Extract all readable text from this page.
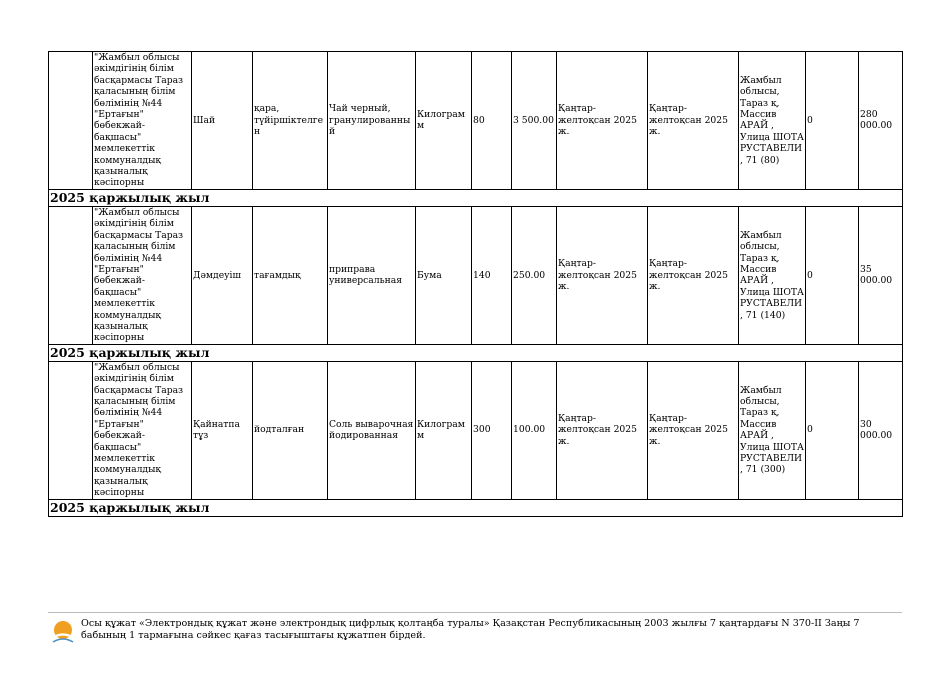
	"Жамбыл облысы әкімдігінің білім басқармасы Тараз қаласының білім бөлімінің №44 "Ертағын" бөбекжай-бақшасы" мемлекеттік коммуналдық қазыналық кәсіпорны	Шай	қара, түйіршіктелген	Чай черный, гранулированный	Килограмм	80	3 500.00	Қаңтар-желтоқсан 2025 ж.	Қаңтар-желтоқсан 2025 ж.	Жамбыл облысы, Тараз қ, Массив АРАЙ , Улица ШОТА РУСТАВЕЛИ, 71 (80)	0	280 000.00
2025 қаржылық жыл												
	"Жамбыл облысы әкімдігінің білім басқармасы Тараз қаласының білім бөлімінің №44 "Ертағын" бөбекжай-бақшасы" мемлекеттік коммуналдық қазыналық кәсіпорны	Дәмдеуіш	тағамдық	приправа универсальная	Бума	140	250.00	Қаңтар-желтоқсан 2025 ж.	Қаңтар-желтоқсан 2025 ж.	Жамбыл облысы, Тараз қ, Массив АРАЙ , Улица ШОТА РУСТАВЕЛИ, 71 (140)	0	35 000.00
2025 қаржылық жыл												
	"Жамбыл облысы әкімдігінің білім басқармасы Тараз қаласының білім бөлімінің №44 "Ертағын" бөбекжай-бақшасы" мемлекеттік коммуналдық қазыналық кәсіпорны	Қайнатпа тұз	йодталған	Соль выварочная йодированная	Килограмм	300	100.00	Қаңтар-желтоқсан 2025 ж.	Қаңтар-желтоқсан 2025 ж.	Жамбыл облысы, Тараз қ, Массив АРАЙ , Улица ШОТА РУСТАВЕЛИ, 71 (300)	0	30 000.00
2025 қаржылық жыл												
Осы құжат «Электрондық құжат және электрондық цифрлық қолтаңба туралы» Қазақстан Республикасының 2003 жылғы 7 қаңтардағы N 370-II Заңы 7 бабының 1 тармағына сәйкес қағаз тасығыштағы құжатпен бірдей.
